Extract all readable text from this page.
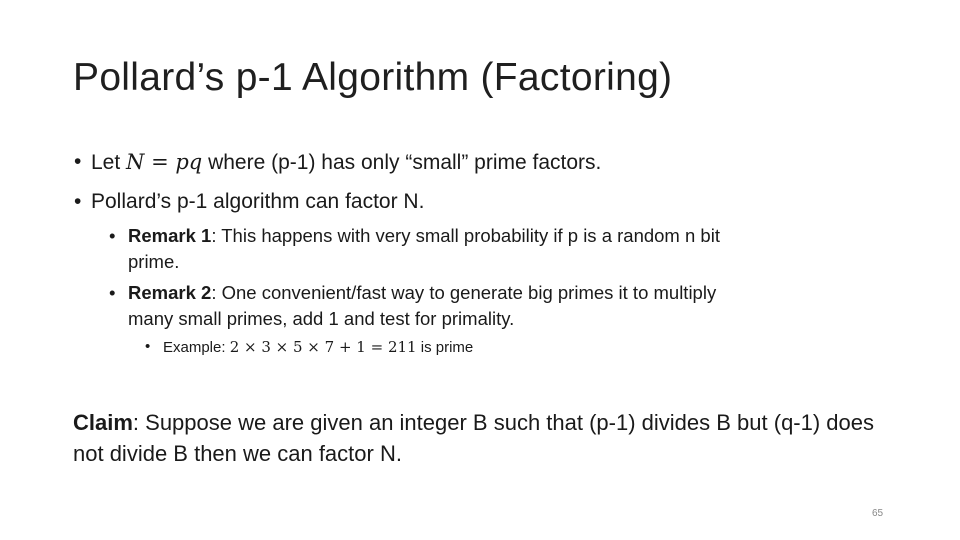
Pollard’s p-1 Algorithm (Factoring)
• Let N = pq where (p-1) has only “small” prime factors.
• Pollard’s p-1 algorithm can factor N.
• Remark 1: This happens with very small probability if p is a random n bit
prime.
• Remark 2: One convenient/fast way to generate big primes it to multiply
many small primes, add 1 and test for primality.
• Example: 2 × 3 × 5 × 7 + 1 = 211 is prime
Claim: Suppose we are given an integer B such that (p-1) divides B but (q-1) does not divide B then we can factor N.
65
